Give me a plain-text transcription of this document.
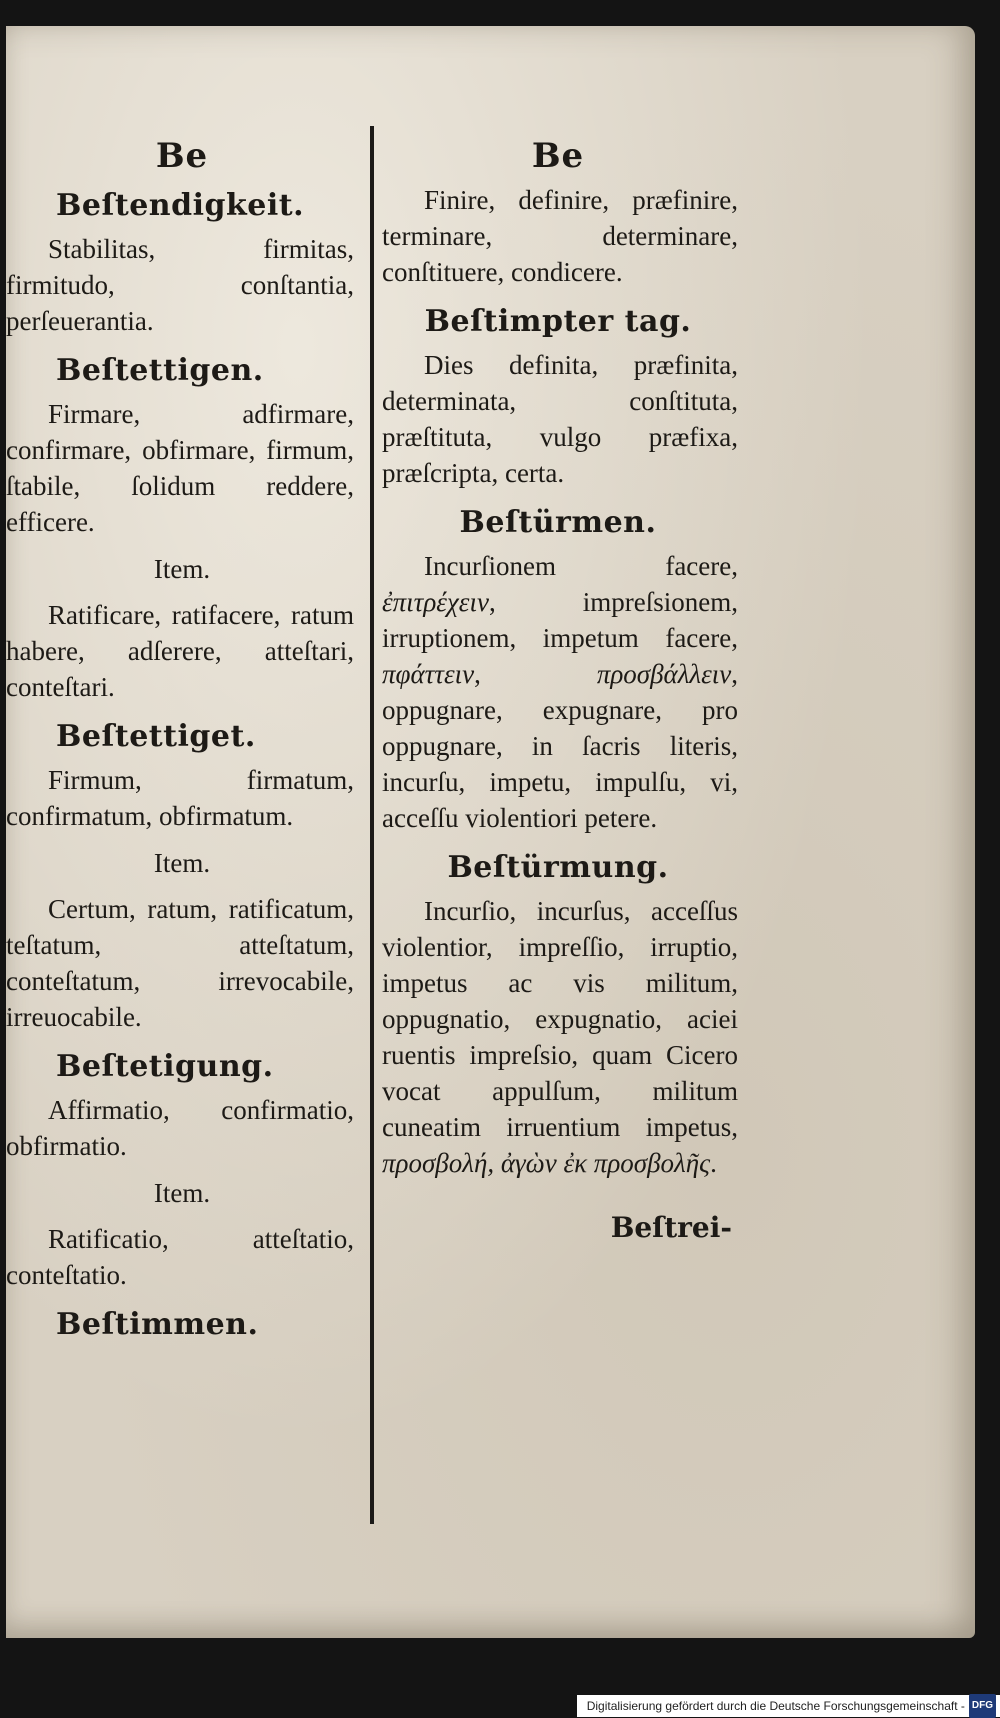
Be
Beſtendigkeit.

Stabilitas, firmitas, firmitudo, conſtantia, perſeuerantia.

Beſtettigen.

Firmare, adfirmare, confirmare, obfirmare, firmum, ſtabile, ſolidum reddere, efficere.

Item.

Ratificare, ratifacere, ratum habere, adſerere, atteſtari, conteſtari.

Beſtettiget.

Firmum, firmatum, confirmatum, obfirmatum.

Item.

Certum, ratum, ratificatum, teſtatum, atteſtatum, conteſtatum, irrevocabile, irreuocabile.

Beſtetigung.

Affirmatio, confirmatio, obfirmatio.

Item.

Ratificatio, atteſtatio, conteſtatio.

Beſtimmen.
Be

Finire, definire, præfinire, terminare, determinare, conſtituere, condicere.

Beſtimpter tag.

Dies definita, præfinita, determinata, conſtituta, præſtituta, vulgo præfixa, præſcripta, certa.

Beſtürmen.

Incurſionem facere, ἐπιτρέχειν, impreſsionem, irruptionem, impetum facere, πφάττειν, προσβάλλειν, oppugnare, expugnare, pro oppugnare, in ſacris literis, incurſu, impetu, impulſu, vi, acceſſu violentiori petere.

Beſtürmung.

Incurſio, incurſus, acceſſus violentior, impreſſio, irruptio, impetus ac vis militum, oppugnatio, expugnatio, aciei ruentis impreſsio, quam Cicero vocat appulſum, militum cuneatim irruentium impetus, προσβολή, ἀγὼν ἐκ προσβολῆς.

Beſtrei-
Digitalisierung gefördert durch die Deutsche Forschungsgemeinschaft - DFG
